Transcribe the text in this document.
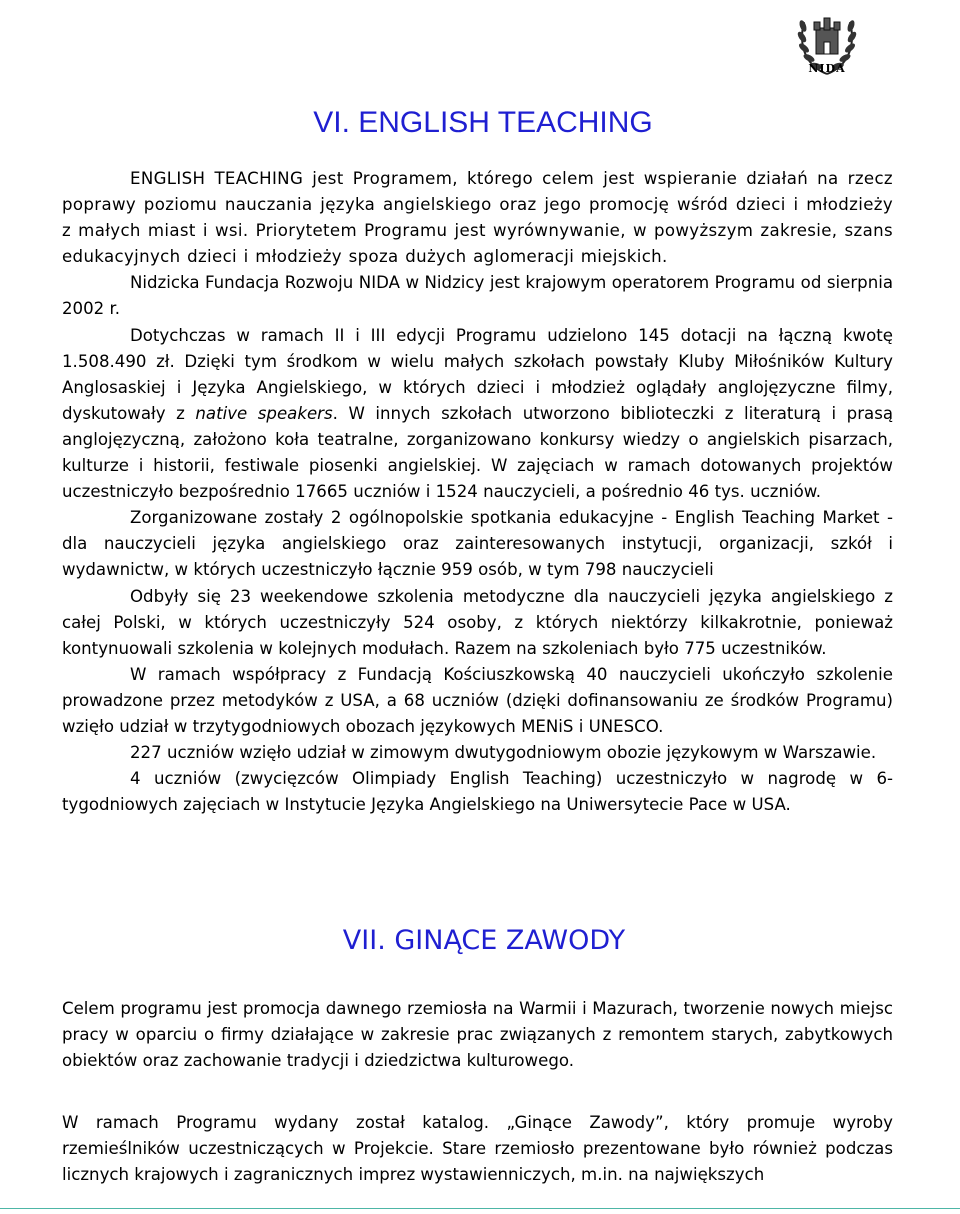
NIDA
VI. ENGLISH TEACHING

ENGLISH TEACHING jest Programem, którego celem jest wspieranie działań na rzecz poprawy poziomu nauczania języka angielskiego oraz jego promocję wśród dzieci i młodzieży z małych miast i wsi. Priorytetem Programu jest wyrównywanie, w powyższym zakresie, szans edukacyjnych dzieci i młodzieży spoza dużych aglomeracji miejskich.

Nidzicka Fundacja Rozwoju NIDA w Nidzicy jest krajowym operatorem Programu od sierpnia 2002 r.

Dotychczas w ramach II i III edycji Programu udzielono 145 dotacji na łączną kwotę 1.508.490 zł. Dzięki tym środkom w wielu małych szkołach powstały Kluby Miłośników Kultury Anglosaskiej i Języka Angielskiego, w których dzieci i młodzież oglądały anglojęzyczne filmy, dyskutowały z native speakers. W innych szkołach utworzono biblioteczki z literaturą i prasą anglojęzyczną, założono koła teatralne, zorganizowano konkursy wiedzy o angielskich pisarzach, kulturze i historii, festiwale piosenki angielskiej. W zajęciach w ramach dotowanych projektów uczestniczyło bezpośrednio 17665 uczniów i 1524 nauczycieli, a pośrednio 46 tys. uczniów.

Zorganizowane zostały 2 ogólnopolskie spotkania edukacyjne - English Teaching Market - dla nauczycieli języka angielskiego oraz zainteresowanych instytucji, organizacji, szkół i wydawnictw, w których uczestniczyło łącznie 959 osób, w tym 798 nauczycieli

Odbyły się 23 weekendowe szkolenia metodyczne dla nauczycieli języka angielskiego z całej Polski, w których uczestniczyły 524 osoby, z których niektórzy kilkakrotnie, ponieważ kontynuowali szkolenia w kolejnych modułach. Razem na szkoleniach było 775 uczestników.

W ramach współpracy z Fundacją Kościuszkowską 40 nauczycieli ukończyło szkolenie prowadzone przez metodyków z USA, a 68 uczniów (dzięki dofinansowaniu ze środków Programu) wzięło udział w trzytygodniowych obozach językowych MENiS i UNESCO.

227 uczniów wzięło udział w zimowym dwutygodniowym obozie językowym w Warszawie.

4 uczniów (zwycięzców Olimpiady English Teaching) uczestniczyło w nagrodę w 6-tygodniowych zajęciach w Instytucie Języka Angielskiego na Uniwersytecie Pace w USA.

VII. GINĄCE ZAWODY

Celem programu jest promocja dawnego rzemiosła na Warmii i Mazurach, tworzenie nowych miejsc pracy w oparciu o firmy działające w zakresie prac związanych z remontem starych, zabytkowych obiektów oraz zachowanie tradycji i dziedzictwa kulturowego.

W ramach Programu wydany został katalog. „Ginące Zawody”, który promuje wyroby rzemieślników uczestniczących w Projekcie. Stare rzemiosło prezentowane było również podczas licznych krajowych i zagranicznych imprez wystawienniczych, m.in. na największych
